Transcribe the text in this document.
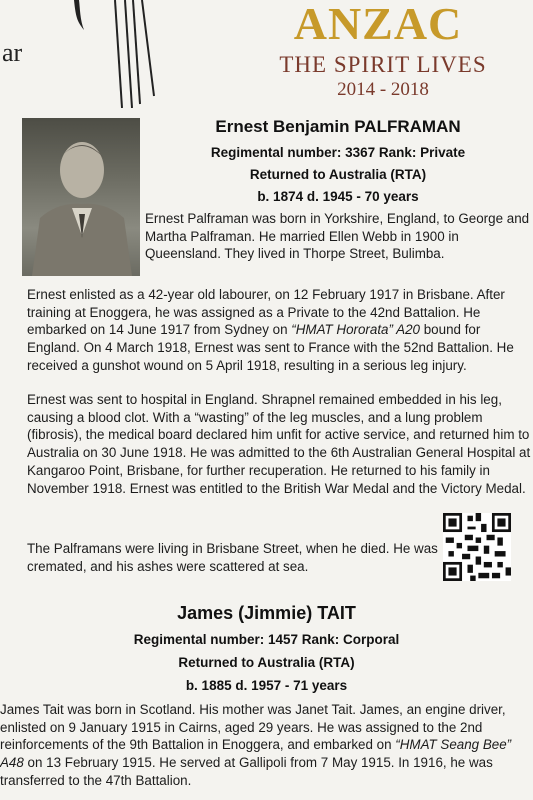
ar
ANZAC
THE SPIRIT LIVES
2014 - 2018
Ernest Benjamin PALFRAMAN
Regimental number: 3367 Rank: Private
Returned to Australia (RTA)
b. 1874 d. 1945 - 70 years

Ernest Palframan was born in Yorkshire, England, to George and Martha Palframan. He married Ellen Webb in 1900 in Queensland. They lived in Thorpe Street, Bulimba.

Ernest enlisted as a 42-year old labourer, on 12 February 1917 in Brisbane. After training at Enoggera, he was assigned as a Private to the 42nd Battalion. He embarked on 14 June 1917 from Sydney on “HMAT Hororata” A20 bound for England. On 4 March 1918, Ernest was sent to France with the 52nd Battalion. He received a gunshot wound on 5 April 1918, resulting in a serious leg injury.

Ernest was sent to hospital in England. Shrapnel remained embedded in his leg, causing a blood clot. With a “wasting” of the leg muscles, and a lung problem (fibrosis), the medical board declared him unfit for active service, and returned him to Australia on 30 June 1918. He was admitted to the 6th Australian General Hospital at Kangaroo Point, Brisbane, for further recuperation. He returned to his family in November 1918. Ernest was entitled to the British War Medal and the Victory Medal.

The Palframans were living in Brisbane Street, when he died. He was cremated, and his ashes were scattered at sea.

James (Jimmie) TAIT
Regimental number: 1457 Rank: Corporal
Returned to Australia (RTA)
b. 1885 d. 1957 - 71 years

James Tait was born in Scotland. His mother was Janet Tait. James, an engine driver, enlisted on 9 January 1915 in Cairns, aged 29 years. He was assigned to the 2nd reinforcements of the 9th Battalion in Enoggera, and embarked on “HMAT Seang Bee” A48 on 13 February 1915. He served at Gallipoli from 7 May 1915. In 1916, he was transferred to the 47th Battalion.
